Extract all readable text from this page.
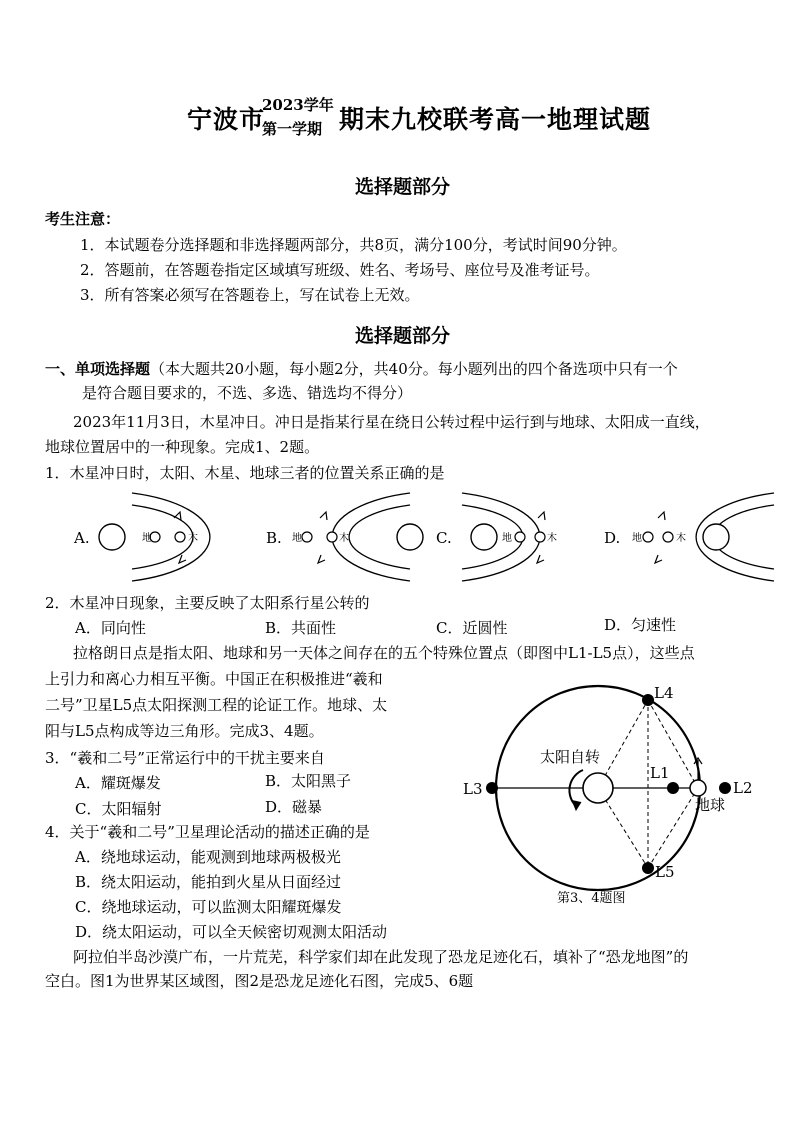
宁波市
2023学年
第一学期 期末九校联考高一地理试题
选择题部分
考生注意：
1．本试题卷分选择题和非选择题两部分，共8页，满分100分，考试时间90分钟。
2．答题前，在答题卷指定区域填写班级、姓名、考场号、座位号及准考证号。
3．所有答案必须写在答题卷上，写在试卷上无效。
选择题部分
一、单项选择题（本大题共20小题，每小题2分，共40分。每小题列出的四个备选项中只有一个
是符合题目要求的，不选、多选、错选均不得分）
2023年11月3日，木星冲日。冲日是指某行星在绕日公转过程中运行到与地球、太阳成一直线，
地球位置居中的一种现象。完成1、2题。
1．木星冲日时，太阳、木星、地球三者的位置关系正确的是
A.	地	木	B. 地	木	C.	地	木	D. 地	木
2．木星冲日现象，主要反映了太阳系行星公转的
A．同向性	B．共面性	C．近圆性	D．匀速性
拉格朗日点是指太阳、地球和另一天体之间存在的五个特殊位置点（即图中L1-L5点），这些点
上引力和离心力相互平衡。中国正在积极推进“羲和
二号”卫星L5点太阳探测工程的论证工作。地球、太
阳与L5点构成等边三角形。完成3、4题。
3．“羲和二号”正常运行中的干扰主要来自
A．耀斑爆发	B．太阳黑子
C．太阳辐射	D．磁暴
4．关于“羲和二号”卫星理论活动的描述正确的是
A．绕地球运动，能观测到地球两极极光
B．绕太阳运动，能拍到火星从日面经过
C．绕地球运动，可以监测太阳耀斑爆发
D．绕太阳运动，可以全天候密切观测太阳活动
L1
L2
L3
L4
L5
太阳自转
地球
第3、4题图
阿拉伯半岛沙漠广布，一片荒芜，科学家们却在此发现了恐龙足迹化石，填补了“恐龙地图”的
空白。图1为世界某区域图，图2是恐龙足迹化石图，完成5、6题
